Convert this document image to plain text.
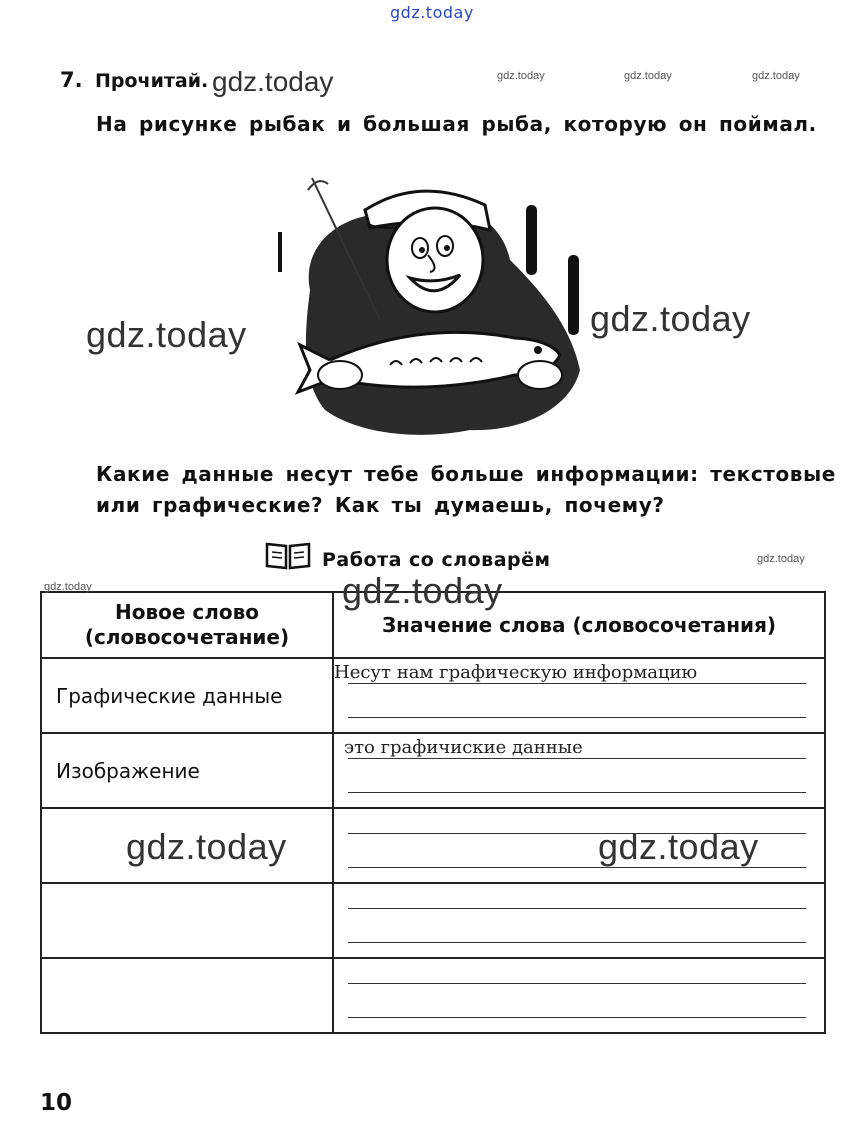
gdz.today
gdz.today	gdz.today	gdz.today
7. Прочитай. gdz.today
На рисунке рыбак и большая рыба, которую он поймал.
gdz.today	gdz.today
Какие данные несут тебе больше информации: текстовые
или графические? Как ты думаешь, почему?
Работа со словарём	gdz.today
Новое слово
(словосочетание)	Значение слова (словосочетания)
Графические данные	Несут нам графическую информацию

Изображение	это графичиские данные

gdz.today	gdz.today
gdz.today	gdz.today
10
